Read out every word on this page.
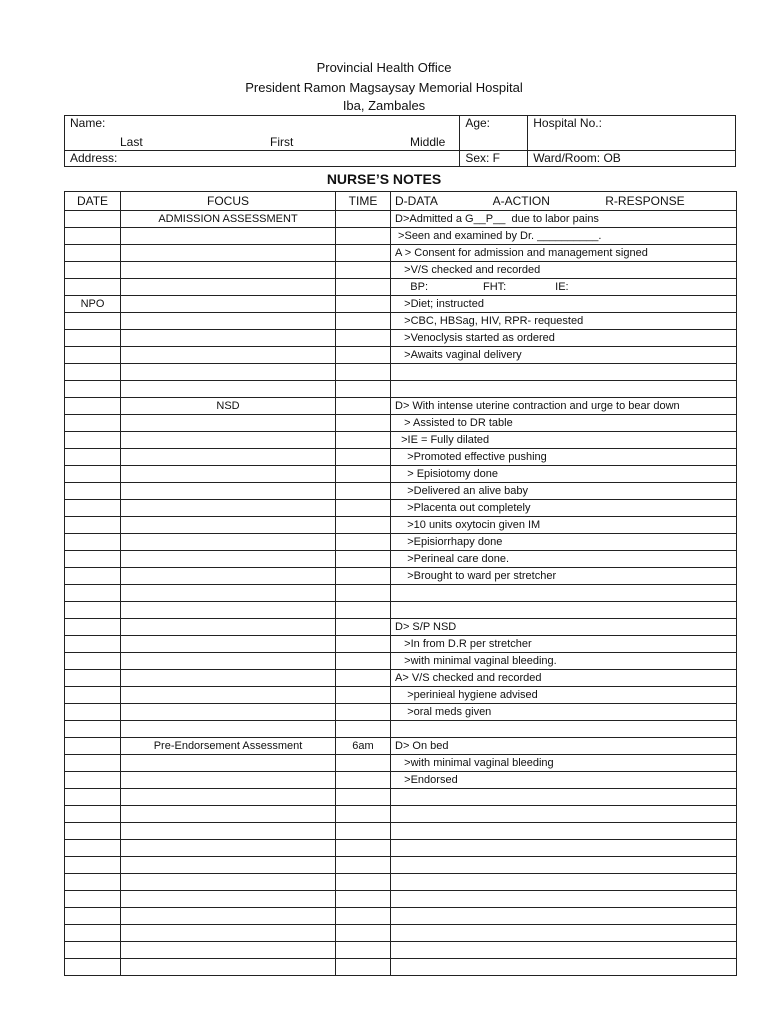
Provincial Health Office
President Ramon Magsaysay Memorial Hospital
Iba, Zambales
Name:
Last First Middle	Age:	Hospital No.:
Address:	Sex: F	Ward/Room: OB
NURSE’S NOTES
DATE	FOCUS	TIME	D-DATA A-ACTION R-RESPONSE
	ADMISSION ASSESSMENT		D>Admitted a G__P__  due to labor pains
			>Seen and examined by Dr. __________.
			A > Consent for admission and management signed
			>V/S checked and recorded
			BP:                  FHT:                IE:
NPO			>Diet; instructed
			>CBC, HBSag, HIV, RPR- requested
			>Venoclysis started as ordered
			>Awaits vaginal delivery

	NSD		D> With intense uterine contraction and urge to bear down
			> Assisted to DR table
			>IE = Fully dilated
			>Promoted effective pushing
			> Episiotomy done
			>Delivered an alive baby
			>Placenta out completely
			>10 units oxytocin given IM
			>Episiorrhapy done
			>Perineal care done.
			>Brought to ward per stretcher

			D> S/P NSD
			>In from D.R per stretcher
			>with minimal vaginal bleeding.
			A> V/S checked and recorded
			>perinieal hygiene advised
			>oral meds given

	Pre-Endorsement Assessment	6am	D> On bed
			>with minimal vaginal bleeding
			>Endorsed
